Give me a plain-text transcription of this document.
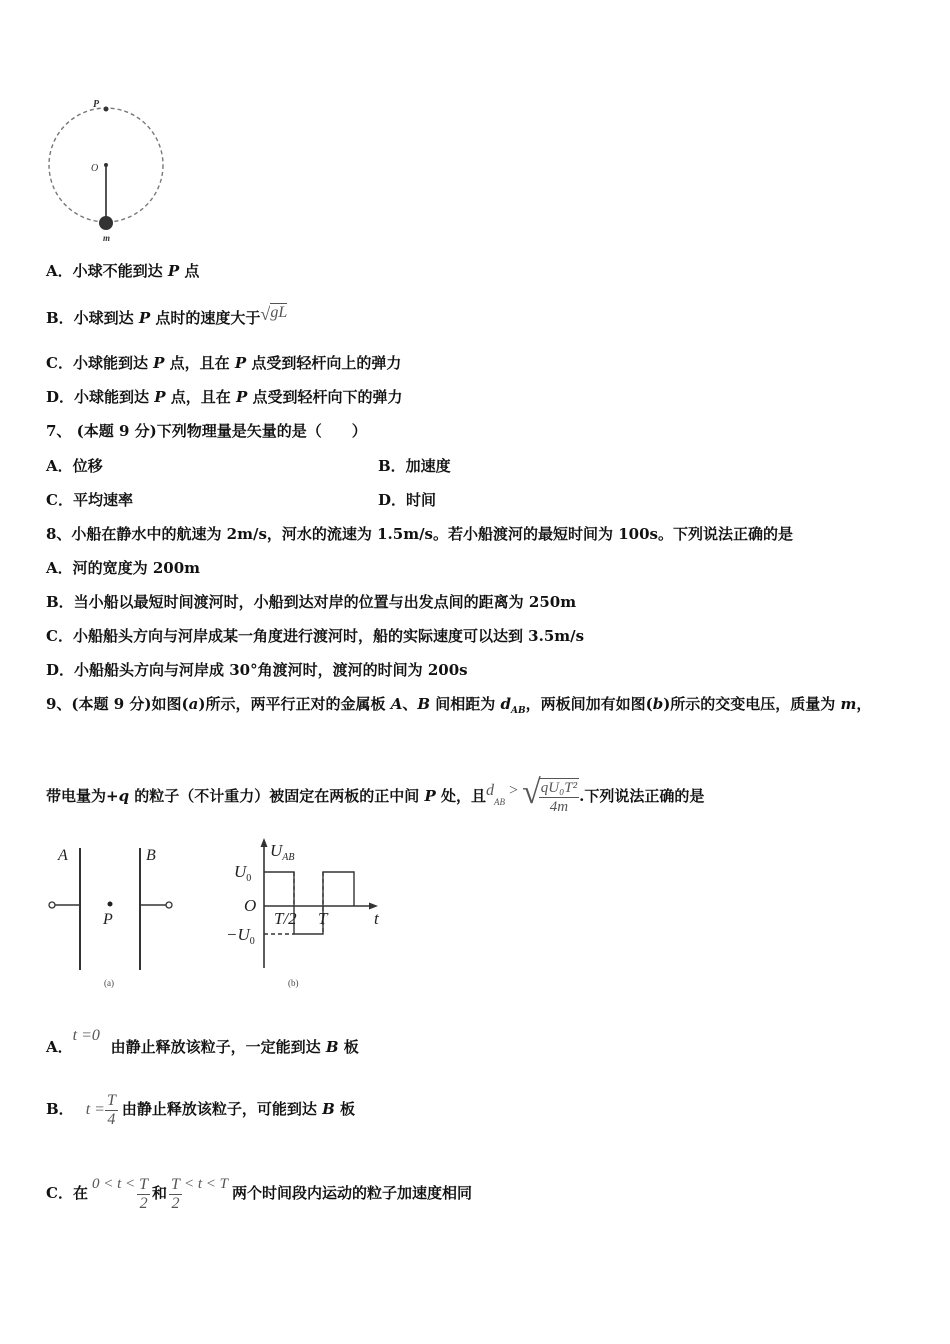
P
O
m
A．小球不能到达 P 点
B．小球到达 P 点时的速度大于√gL
C．小球能到达 P 点，且在 P 点受到轻杆向上的弹力
D．小球能到达 P 点，且在 P 点受到轻杆向下的弹力
7、 (本题 9 分)下列物理量是矢量的是（　　）
A．位移	B．加速度
C．平均速率	D．时间
8、小船在静水中的航速为 2m/s，河水的流速为 1.5m/s。若小船渡河的最短时间为 100s。下列说法正确的是
A．河的宽度为 200m
B．当小船以最短时间渡河时，小船到达对岸的位置与出发点间的距离为 250m
C．小船船头方向与河岸成某一角度进行渡河时，船的实际速度可以达到 3.5m/s
D．小船船头方向与河岸成 30°角渡河时，渡河的时间为 200s
9、(本题 9 分)如图(a)所示，两平行正对的金属板 A、B 间相距为 $d_{AB}$，两板间加有如图(b)所示的交变电压，质量为 m，
带电量为+q 的粒子（不计重力）被固定在两板的正中间 P 处，且$d_{AB}$ > √
$\frac{\text{qU₀T²}}{4m}$ .下列说法正确的是
A	B
P
(a)
$U_{AB}$
$U_0$
O
T/2 T	t
$-U_0$
(b)
A．t =0由静止释放该粒子，一定能到达 B 板
B． $t = \frac{T}{4}$ 由静止释放该粒子，可能到达 B 板
C．在 $0 < t < \frac{T}{2}$ 和 $\frac{T}{2} < t < T$ 两个时间段内运动的粒子加速度相同
